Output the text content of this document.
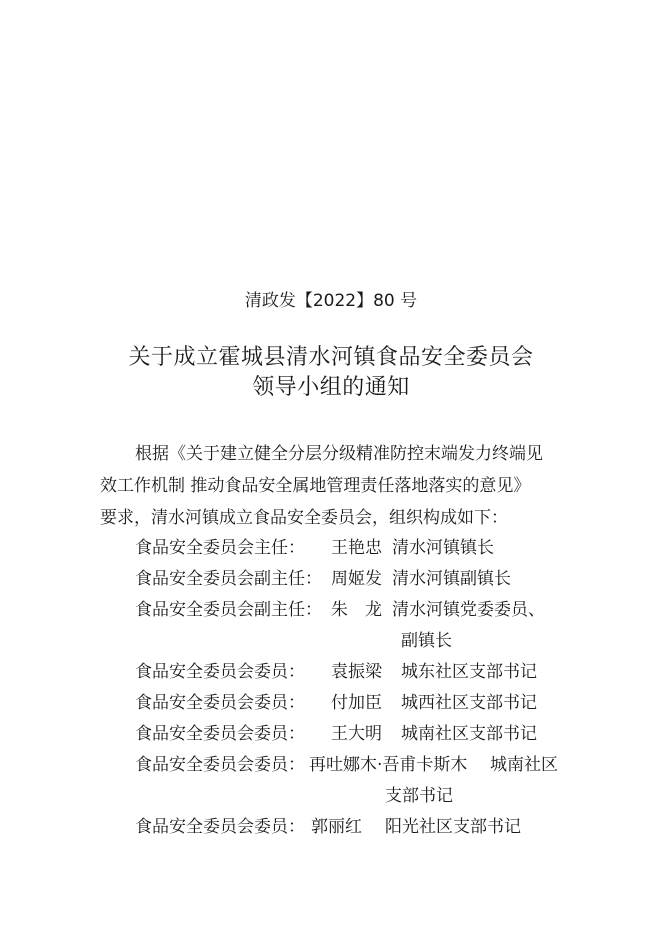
清政发【2022】80 号
关于成立霍城县清水河镇食品安全委员会
领导小组的通知
根据《关于建立健全分层分级精准防控末端发力终端见
效工作机制 推动食品安全属地管理责任落地落实的意见》
要求，清水河镇成立食品安全委员会，组织构成如下：
食品安全委员会主任： 王艳忠 清水河镇镇长
食品安全委员会副主任： 周姬发 清水河镇副镇长
食品安全委员会副主任： 朱　龙 清水河镇党委委员、
副镇长
食品安全委员会委员： 袁振梁 城东社区支部书记
食品安全委员会委员： 付加臣 城西社区支部书记
食品安全委员会委员： 王大明 城南社区支部书记
食品安全委员会委员： 再吐娜木·吾甫卡斯木 城南社区
支部书记
食品安全委员会委员： 郭丽红 阳光社区支部书记
